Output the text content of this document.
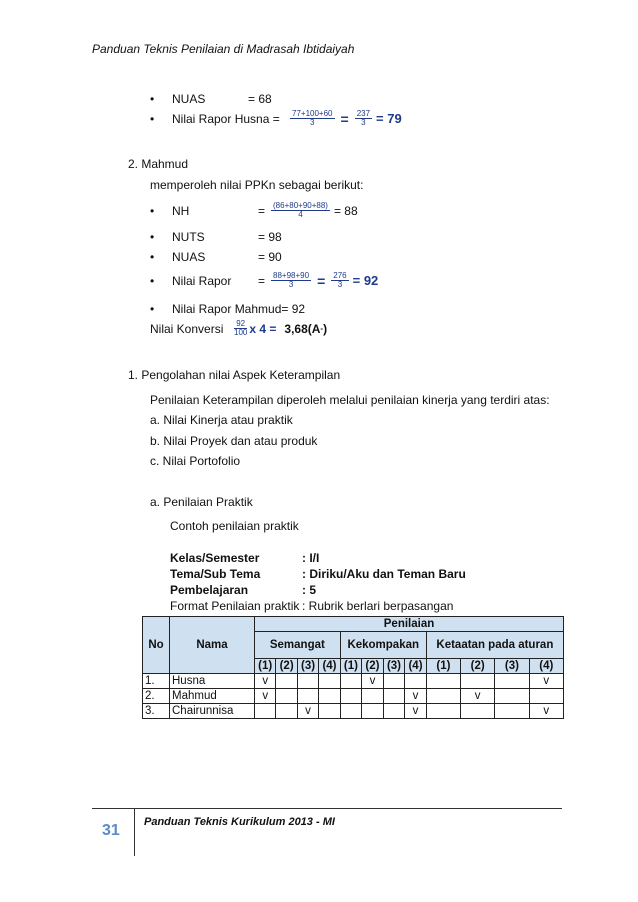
Panduan Teknis Penilaian di Madrasah Ibtidaiyah
•	NUAS	= 68
•	Nilai Rapor Husna =	$\frac{77+100+60}{3} = \frac{237}{3} = 79$
2. Mahmud
memperoleh nilai PPKn sebagai berikut:
•	NH	= $\frac{(86+80+90+88)}{4} = 88$
•	NUTS	= 98
•	NUAS	= 90
•	Nilai Rapor	= $\frac{88+98+90}{3} = \frac{276}{3} = 92$
•	Nilai Rapor Mahmud= 92
Nilai Konversi	$\frac{92}{100}$ x 4 = 3,68(A - )
1. Pengolahan nilai Aspek Keterampilan
Penilaian Keterampilan diperoleh melalui penilaian kinerja yang terdiri atas:
a. Nilai Kinerja atau praktik
b. Nilai Proyek dan atau produk
c. Nilai Portofolio
a. Penilaian Praktik
Contoh penilaian praktik
Kelas/Semester	: I/I
Tema/Sub Tema	: Diriku/Aku dan Teman Baru
Pembelajaran	: 5
Format Penilaian praktik : Rubrik berlari berpasangan
No	Nama	Penilaian											
		Semangat				Kekompakan				Ketaatan pada aturan			
		(1)	(2)	(3)	(4)	(1)	(2)	(3)	(4)	(1)	(2)	(3)	(4)
1.	Husna	v					v						v
2.	Mahmud	v							v		v		
3.	Chairunnisa			v					v				v
31 Panduan Teknis Kurikulum 2013 - MI
